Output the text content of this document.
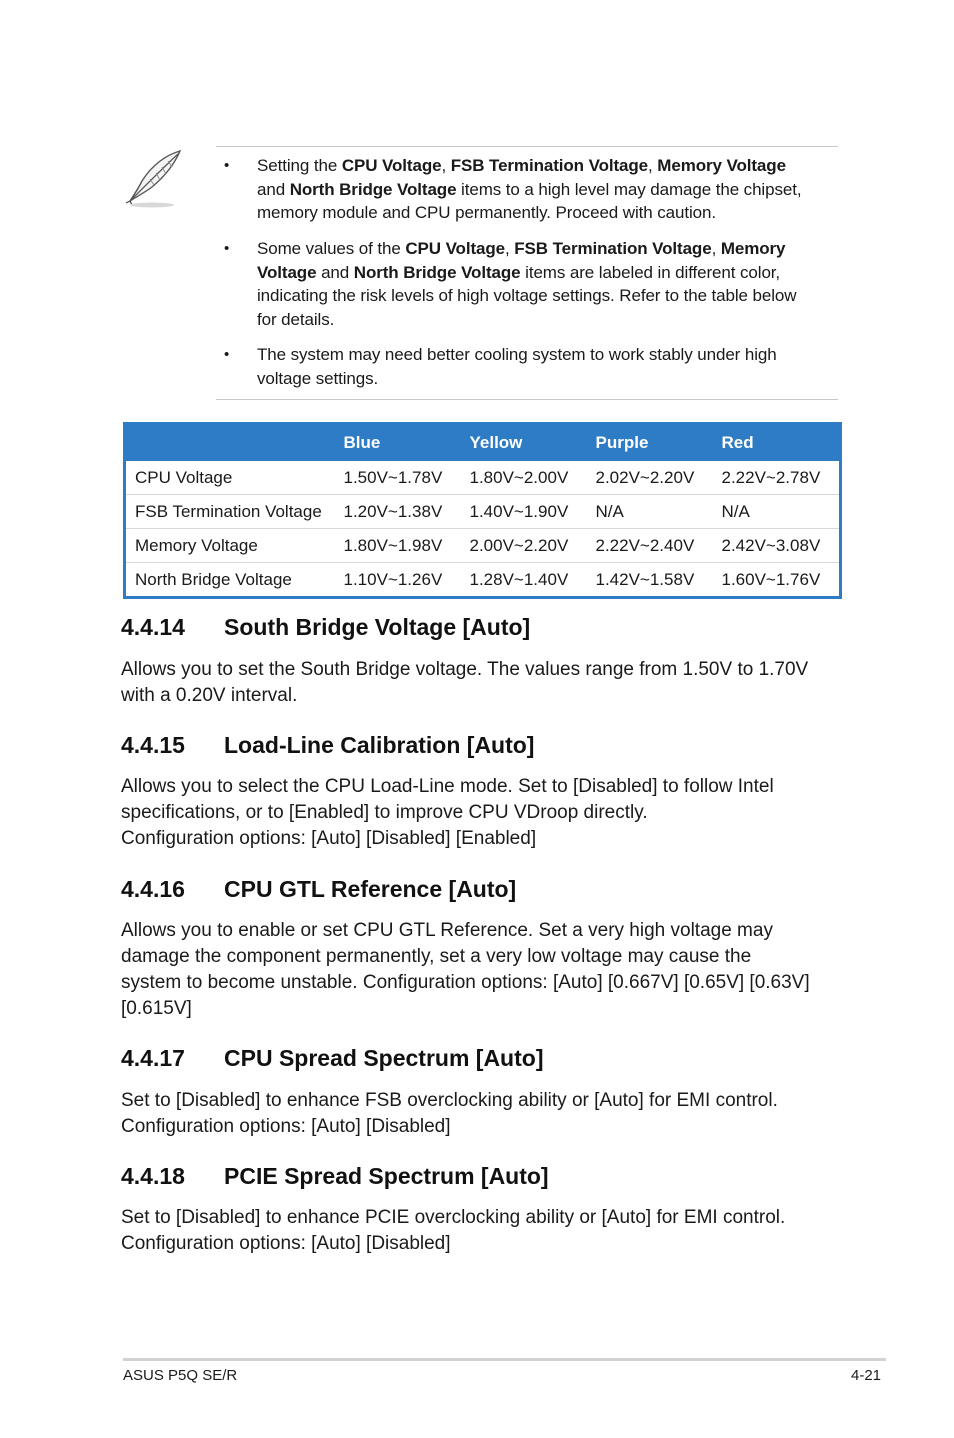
• Setting the CPU Voltage, FSB Termination Voltage, Memory Voltage
and North Bridge Voltage items to a high level may damage the chipset,
memory module and CPU permanently. Proceed with caution.
• Some values of the CPU Voltage, FSB Termination Voltage, Memory
Voltage and North Bridge Voltage items are labeled in different color,
indicating the risk levels of high voltage settings. Refer to the table below
for details.
• The system may need better cooling system to work stably under high
voltage settings.
	Blue	Yellow	Purple	Red
CPU Voltage	1.50V~1.78V	1.80V~2.00V	2.02V~2.20V	2.22V~2.78V
FSB Termination Voltage	1.20V~1.38V	1.40V~1.90V	N/A	N/A
Memory Voltage	1.80V~1.98V	2.00V~2.20V	2.22V~2.40V	2.42V~3.08V
North Bridge Voltage	1.10V~1.26V	1.28V~1.40V	1.42V~1.58V	1.60V~1.76V
4.4.14 South Bridge Voltage [Auto]
Allows you to set the South Bridge voltage. The values range from 1.50V to 1.70V
with a 0.20V interval.
4.4.15 Load-Line Calibration [Auto]
Allows you to select the CPU Load-Line mode. Set to [Disabled] to follow Intel
specifications, or to [Enabled] to improve CPU VDroop directly.
Configuration options: [Auto] [Disabled] [Enabled]
4.4.16 CPU GTL Reference [Auto]
Allows you to enable or set CPU GTL Reference. Set a very high voltage may
damage the component permanently, set a very low voltage may cause the
system to become unstable. Configuration options: [Auto] [0.667V] [0.65V] [0.63V]
[0.615V]
4.4.17 CPU Spread Spectrum [Auto]
Set to [Disabled] to enhance FSB overclocking ability or [Auto] for EMI control.
Configuration options: [Auto] [Disabled]
4.4.18 PCIE Spread Spectrum [Auto]
Set to [Disabled] to enhance PCIE overclocking ability or [Auto] for EMI control.
Configuration options: [Auto] [Disabled]
ASUS P5Q SE/R	4-21
